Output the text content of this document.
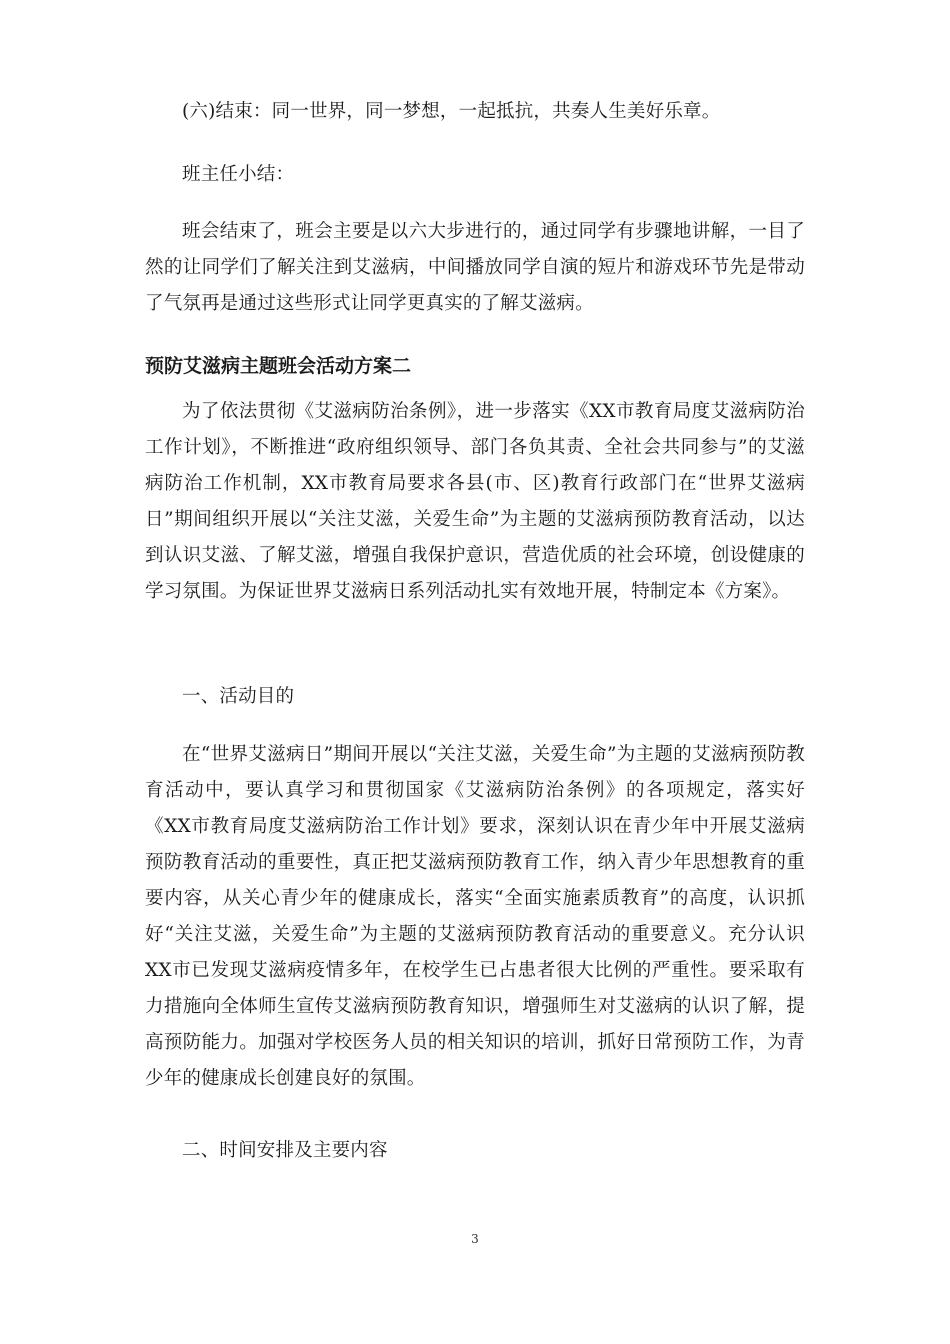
(六)结束：同一世界，同一梦想，一起抵抗，共奏人生美好乐章。

班主任小结：

班会结束了，班会主要是以六大步进行的，通过同学有步骤地讲解，一目了然的让同学们了解关注到艾滋病，中间播放同学自演的短片和游戏环节先是带动了气氛再是通过这些形式让同学更真实的了解艾滋病。

预防艾滋病主题班会活动方案二

为了依法贯彻《艾滋病防治条例》，进一步落实《XX市教育局度艾滋病防治工作计划》，不断推进“政府组织领导、部门各负其责、全社会共同参与”的艾滋病防治工作机制，XX市教育局要求各县(市、区)教育行政部门在“世界艾滋病日”期间组织开展以“关注艾滋，关爱生命”为主题的艾滋病预防教育活动，以达到认识艾滋、了解艾滋，增强自我保护意识，营造优质的社会环境，创设健康的学习氛围。为保证世界艾滋病日系列活动扎实有效地开展，特制定本《方案》。

一、活动目的

在“世界艾滋病日”期间开展以“关注艾滋，关爱生命”为主题的艾滋病预防教育活动中，要认真学习和贯彻国家《艾滋病防治条例》的各项规定，落实好《XX市教育局度艾滋病防治工作计划》要求，深刻认识在青少年中开展艾滋病预防教育活动的重要性，真正把艾滋病预防教育工作，纳入青少年思想教育的重要内容，从关心青少年的健康成长，落实“全面实施素质教育”的高度，认识抓好“关注艾滋，关爱生命”为主题的艾滋病预防教育活动的重要意义。充分认识XX市已发现艾滋病疫情多年，在校学生已占患者很大比例的严重性。要采取有力措施向全体师生宣传艾滋病预防教育知识，增强师生对艾滋病的认识了解，提高预防能力。加强对学校医务人员的相关知识的培训，抓好日常预防工作，为青少年的健康成长创建良好的氛围。

二、时间安排及主要内容

3
